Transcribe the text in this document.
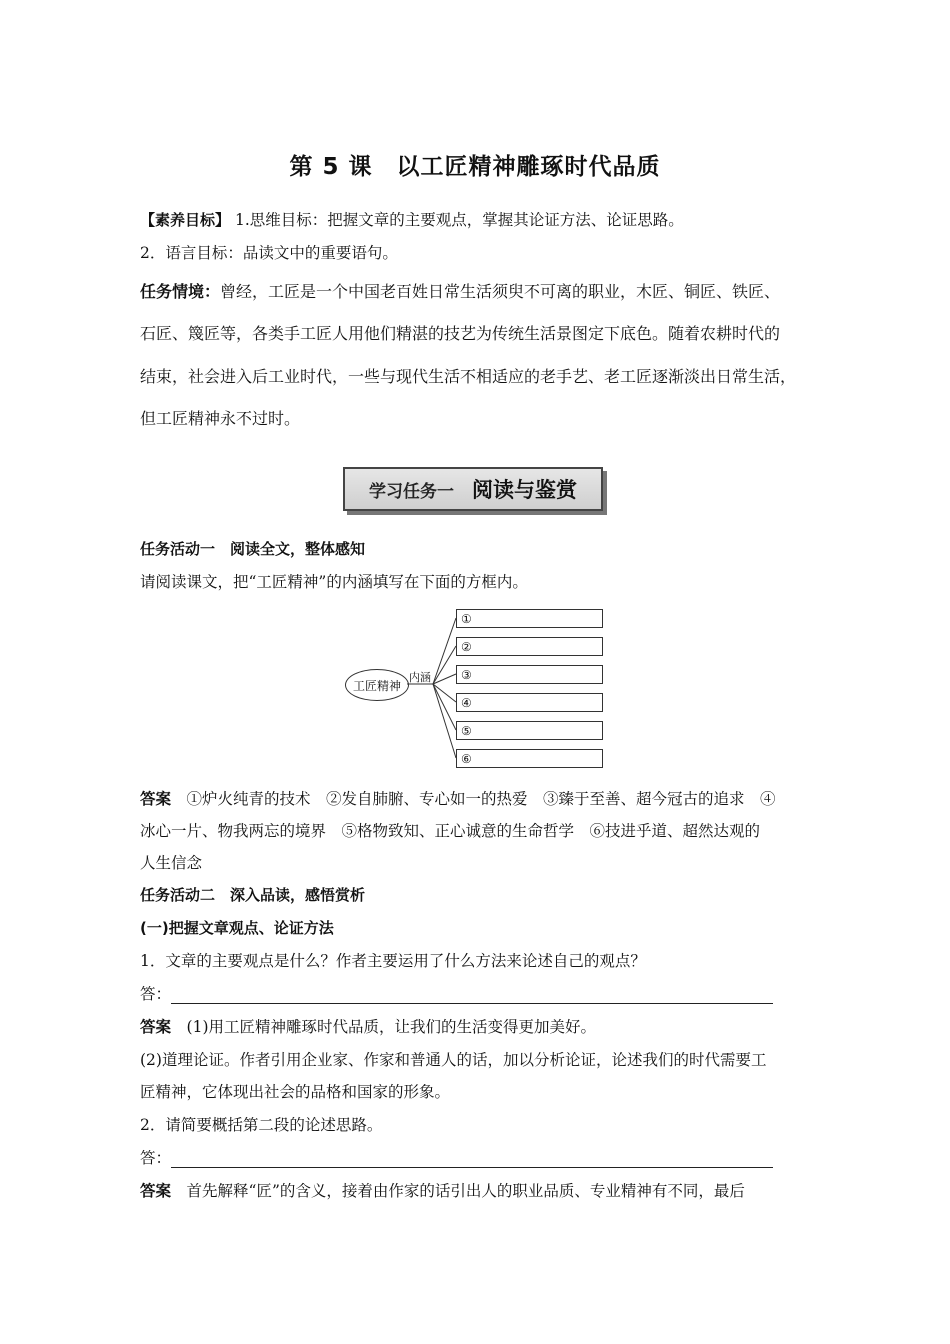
第 5 课　以工匠精神雕琢时代品质
【素养目标】 1.思维目标：把握文章的主要观点，掌握其论证方法、论证思路。
2．语言目标：品读文中的重要语句。
任务情境：曾经，工匠是一个中国老百姓日常生活须臾不可离的职业，木匠、铜匠、铁匠、
石匠、篾匠等，各类手工匠人用他们精湛的技艺为传统生活景图定下底色。随着农耕时代的
结束，社会进入后工业时代，一些与现代生活不相适应的老手艺、老工匠逐渐淡出日常生活，
但工匠精神永不过时。
学习任务一 阅读与鉴赏
任务活动一　阅读全文，整体感知
请阅读课文，把“工匠精神”的内涵填写在下面的方框内。
工匠精神
内涵
①
②
③
④
⑤
⑥
答案　 ①炉火纯青的技术　②发自肺腑、专心如一的热爱　③臻于至善、超今冠古的追求　④
冰心一片、物我两忘的境界　⑤格物致知、正心诚意的生命哲学　⑥技进乎道、超然达观的
人生信念
任务活动二　深入品读，感悟赏析
(一)把握文章观点、论证方法
1．文章的主要观点是什么？作者主要运用了什么方法来论述自己的观点？
答：
答案　 (1)用工匠精神雕琢时代品质，让我们的生活变得更加美好。
(2)道理论证。作者引用企业家、作家和普通人的话，加以分析论证，论述我们的时代需要工
匠精神，它体现出社会的品格和国家的形象。
2．请简要概括第二段的论述思路。
答：
答案　 首先解释“匠”的含义，接着由作家的话引出人的职业品质、专业精神有不同，最后
